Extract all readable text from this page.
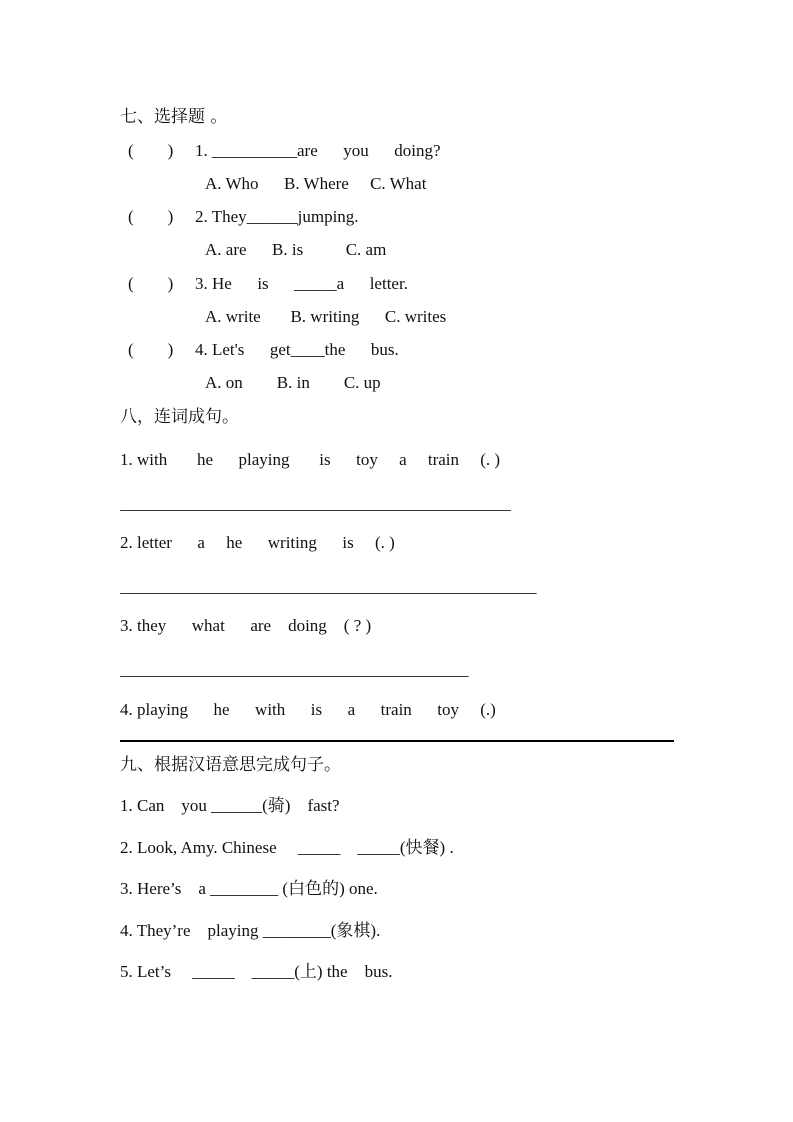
七、选择题 。
(        ) 1. __________are      you      doing?
A. Who      B. Where     C. What
(        ) 2. They______jumping.
A. are      B. is          C. am
(        ) 3. He      is      _____a      letter.
A. write       B. writing      C. writes
(        ) 4. Let's      get____the      bus.
A. on        B. in        C. up
八，连词成句。
1. with       he      playing       is      toy     a     train     (. )
______________________________________________
2. letter      a     he      writing      is     (. )
_________________________________________________
3. they      what      are    doing    ( ? )
_________________________________________
4. playing      he      with      is      a      train      toy     (.)
九、根据汉语意思完成句子。
1. Can    you ______(骑)    fast?
2. Look, Amy. Chinese     _____    _____(快餐) .
3. Here’s    a ________ (白色的) one.
4. They’re    playing ________(象棋).
5. Let’s     _____    _____(上) the    bus.
